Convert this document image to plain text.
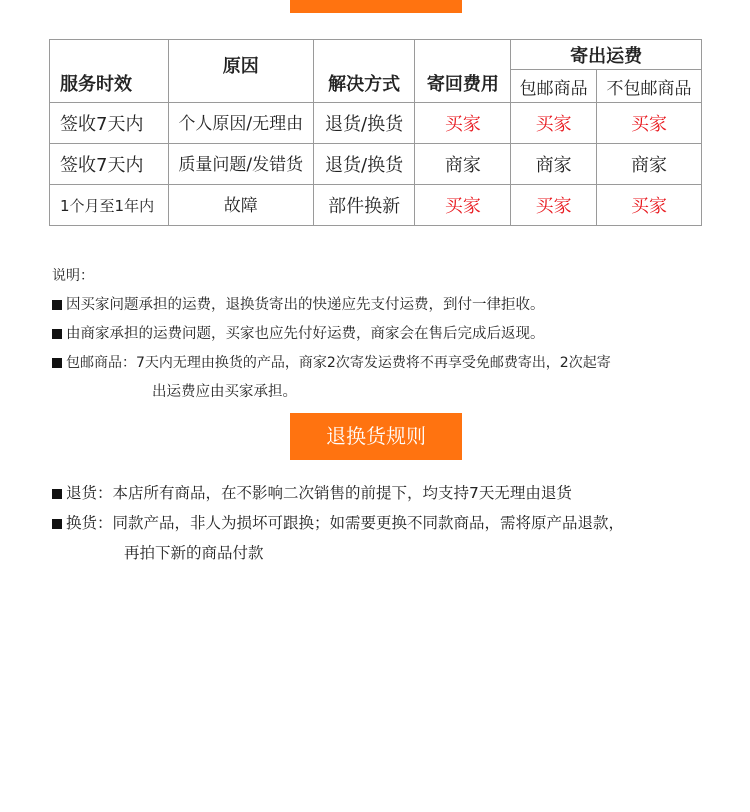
服务时效	原因	解决方式	寄回费用	寄出运费	
				包邮商品	不包邮商品
签收7天内	个人原因/无理由	退货/换货	买家	买家	买家
签收7天内	质量问题/发错货	退货/换货	商家	商家	商家
1个月至1年内	故障	部件换新	买家	买家	买家
说明：
因买家问题承担的运费，退换货寄出的快递应先支付运费，到付一律拒收。
由商家承担的运费问题，买家也应先付好运费，商家会在售后完成后返现。
包邮商品：7天内无理由换货的产品，商家2次寄发运费将不再享受免邮费寄出，2次起寄
出运费应由买家承担。
退换货规则
退货：本店所有商品，在不影响二次销售的前提下，均支持7天无理由退货
换货：同款产品，非人为损坏可跟换；如需要更换不同款商品，需将原产品退款，
再拍下新的商品付款
